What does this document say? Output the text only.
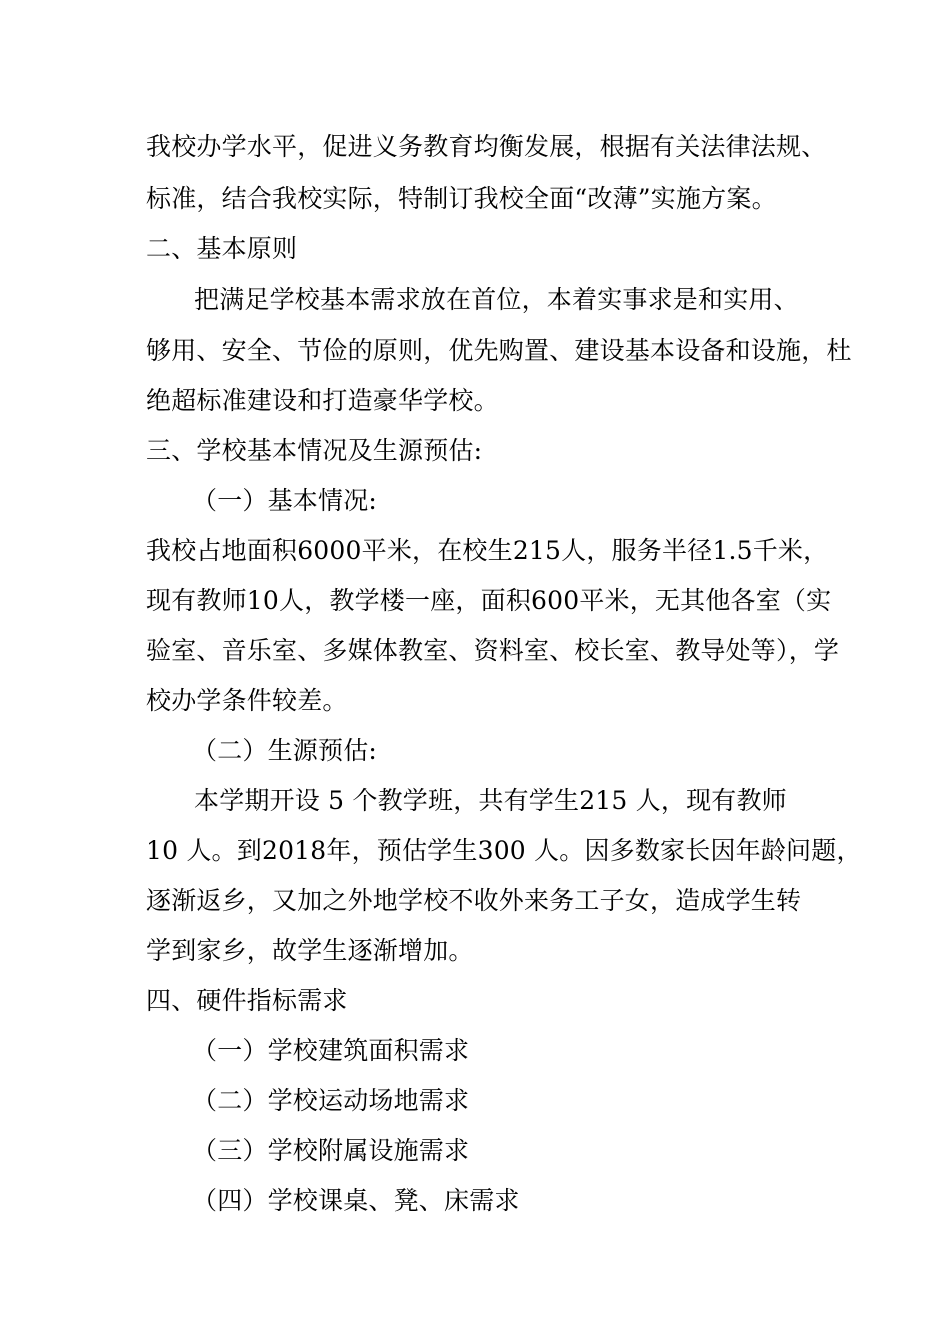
我校办学水平，促进义务教育均衡发展，根据有关法律法规、
标准，结合我校实际，特制订我校全面“改薄”实施方案。
二、基本原则
把满足学校基本需求放在首位，本着实事求是和实用、
够用、安全、节俭的原则，优先购置、建设基本设备和设施，杜
绝超标准建设和打造豪华学校。
三、学校基本情况及生源预估:
（一）基本情况:
我校占地面积6000平米，在校生215人，服务半径1.5千米，
现有教师10人，教学楼一座，面积600平米，无其他各室（实
验室、音乐室、多媒体教室、资料室、校长室、教导处等），学
校办学条件较差。
（二）生源预估:
本学期开设 5 个教学班，共有学生215 人，现有教师
10 人。到2018年，预估学生300 人。因多数家长因年龄问题，
逐渐返乡，又加之外地学校不收外来务工子女，造成学生转
学到家乡，故学生逐渐增加。
四、硬件指标需求
（一）学校建筑面积需求
（二）学校运动场地需求
（三）学校附属设施需求
（四）学校课桌、凳、床需求
